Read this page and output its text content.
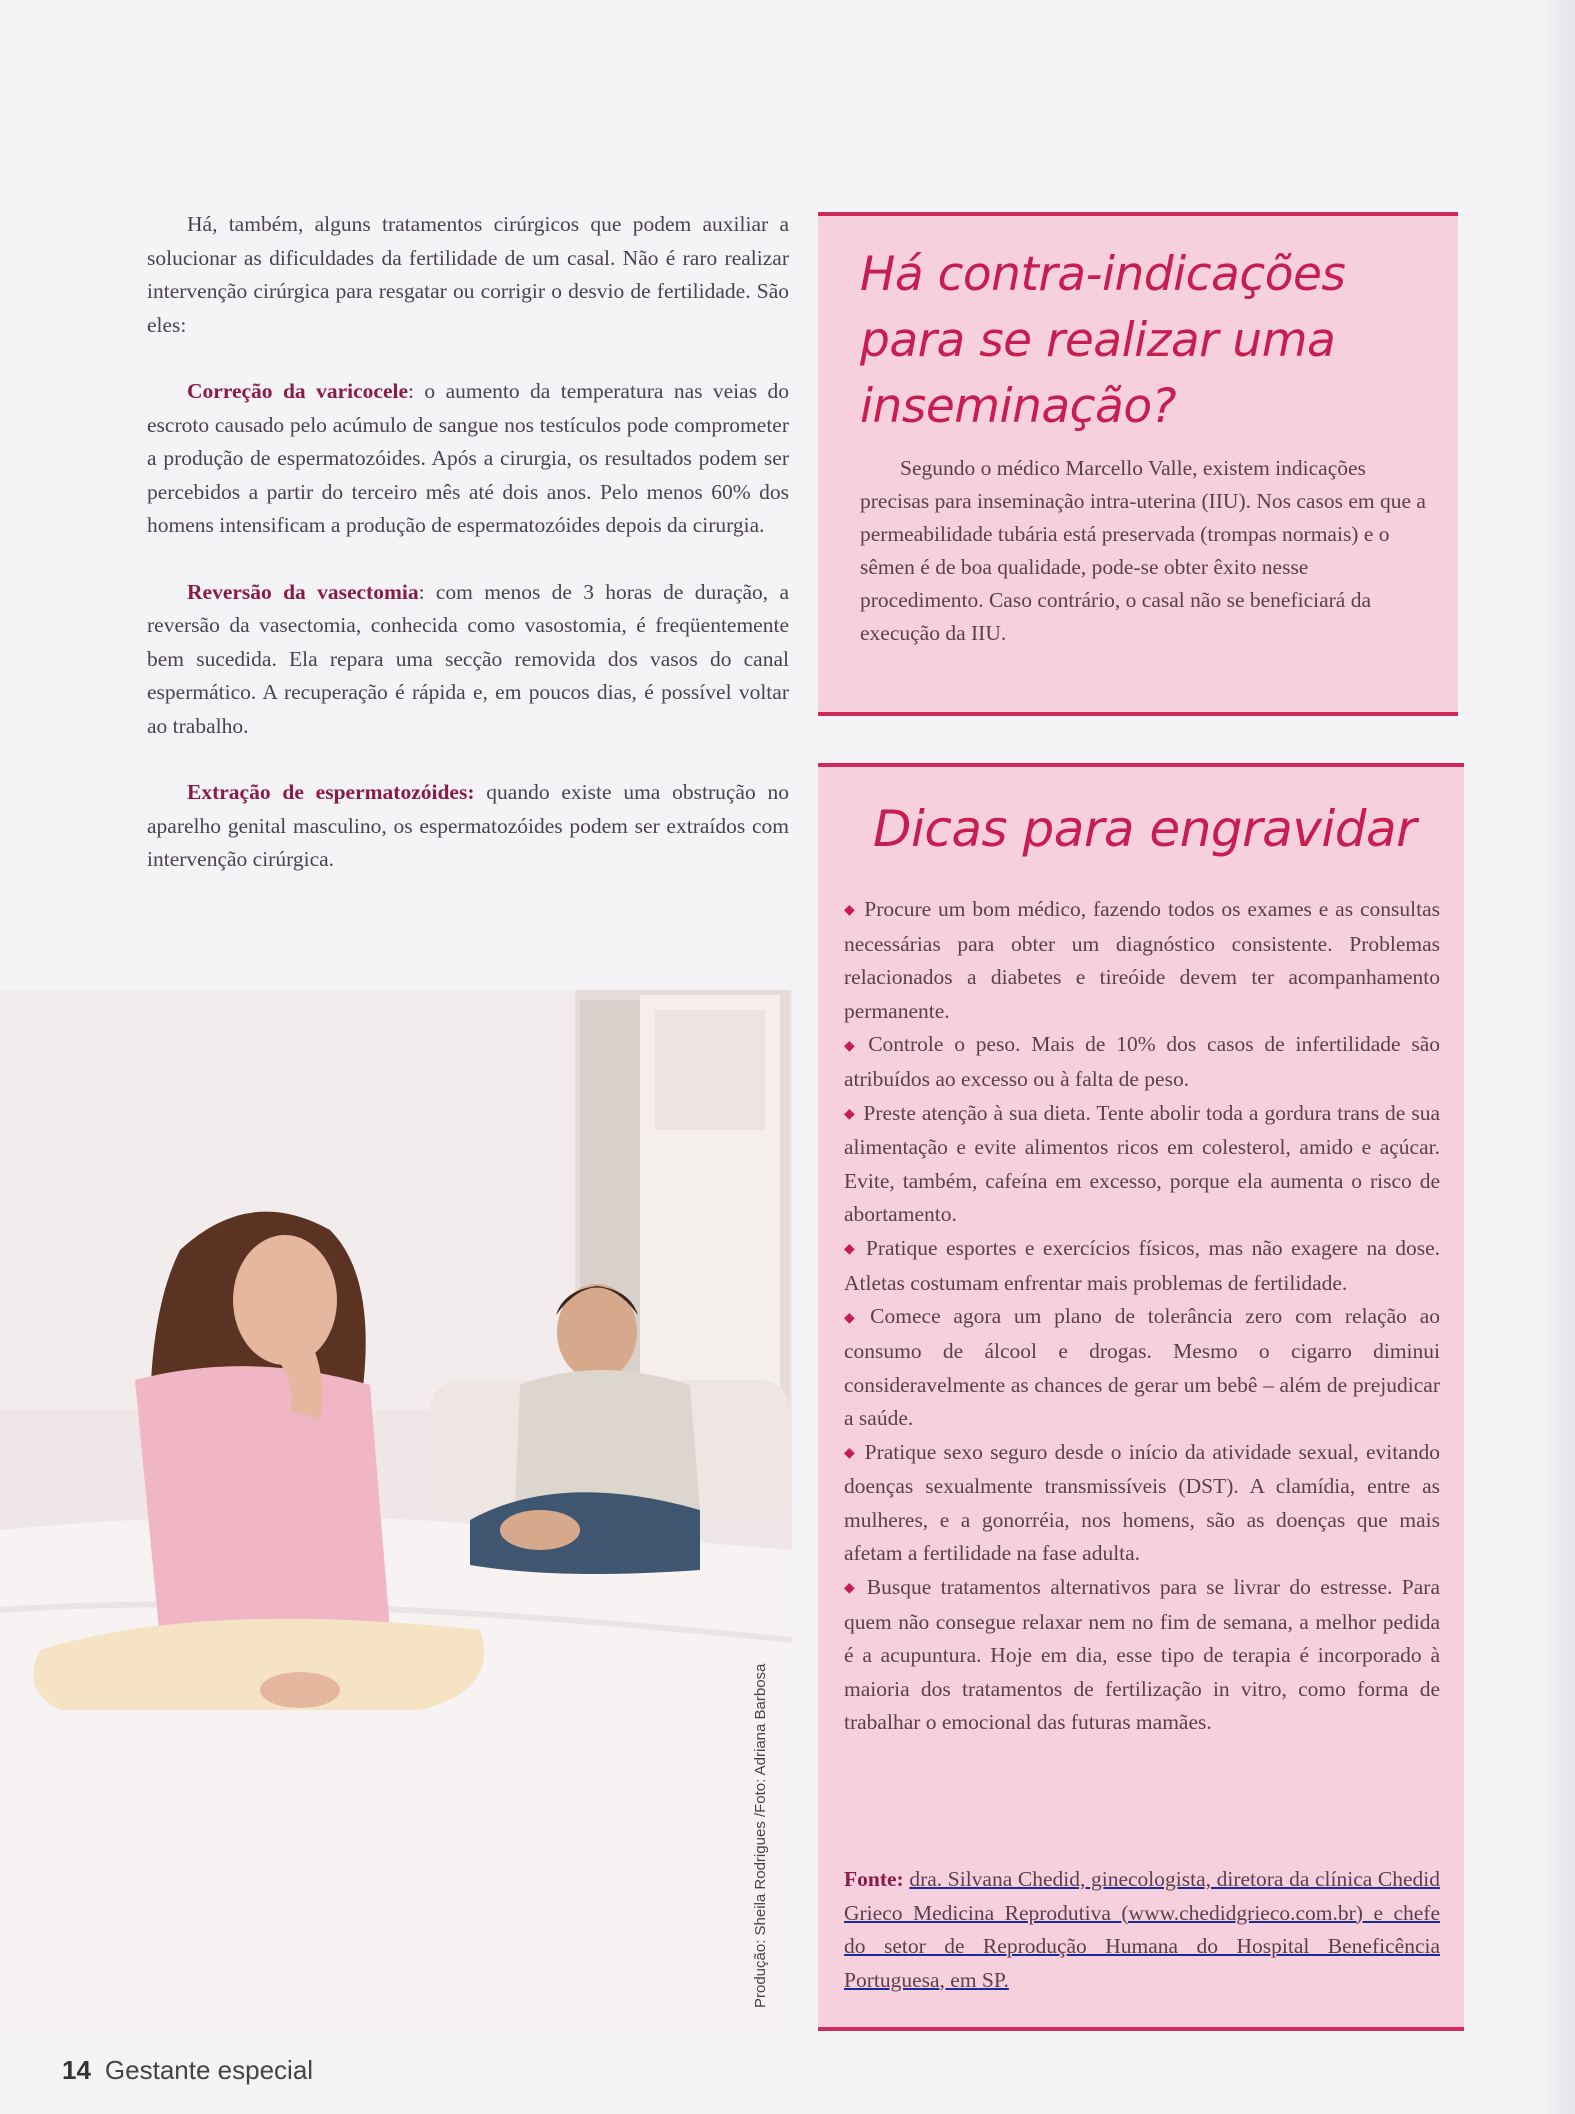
Há, também, alguns tratamentos cirúrgicos que podem auxiliar a solucionar as dificuldades da fertilidade de um casal. Não é raro realizar intervenção cirúrgica para resgatar ou corrigir o desvio de fertilidade. São eles:

Correção da varicocele: o aumento da temperatura nas veias do escroto causado pelo acúmulo de sangue nos testículos pode comprometer a produção de espermatozóides. Após a cirurgia, os resultados podem ser percebidos a partir do terceiro mês até dois anos. Pelo menos 60% dos homens intensificam a produção de espermatozóides depois da cirurgia.

Reversão da vasectomia: com menos de 3 horas de duração, a reversão da vasectomia, conhecida como vasostomia, é freqüentemente bem sucedida. Ela repara uma secção removida dos vasos do canal espermático. A recuperação é rápida e, em poucos dias, é possível voltar ao trabalho.

Extração de espermatozóides: quando existe uma obstrução no aparelho genital masculino, os espermatozóides podem ser extraídos com intervenção cirúrgica.

Produção: Sheila Rodrigues /Foto: Adriana Barbosa
Há contra-indicações para se realizar uma inseminação?

Segundo o médico Marcello Valle, existem indicações precisas para inseminação intra-uterina (IIU). Nos casos em que a permeabilidade tubária está preservada (trompas normais) e o sêmen é de boa qualidade, pode-se obter êxito nesse procedimento. Caso contrário, o casal não se beneficiará da execução da IIU.

Dicas para engravidar
◆ Procure um bom médico, fazendo todos os exames e as consultas necessárias para obter um diagnóstico consistente. Problemas relacionados a diabetes e tireóide devem ter acompanhamento permanente.
◆ Controle o peso. Mais de 10% dos casos de infertilidade são atribuídos ao excesso ou à falta de peso.
◆ Preste atenção à sua dieta. Tente abolir toda a gordura trans de sua alimentação e evite alimentos ricos em colesterol, amido e açúcar. Evite, também, cafeína em excesso, porque ela aumenta o risco de abortamento.
◆ Pratique esportes e exercícios físicos, mas não exagere na dose. Atletas costumam enfrentar mais problemas de fertilidade.
◆ Comece agora um plano de tolerância zero com relação ao consumo de álcool e drogas. Mesmo o cigarro diminui consideravelmente as chances de gerar um bebê – além de prejudicar a saúde.
◆ Pratique sexo seguro desde o início da atividade sexual, evitando doenças sexualmente transmissíveis (DST). A clamídia, entre as mulheres, e a gonorréia, nos homens, são as doenças que mais afetam a fertilidade na fase adulta.
◆ Busque tratamentos alternativos para se livrar do estresse. Para quem não consegue relaxar nem no fim de semana, a melhor pedida é a acupuntura. Hoje em dia, esse tipo de terapia é incorporado à maioria dos tratamentos de fertilização in vitro, como forma de trabalhar o emocional das futuras mamães.
Fonte: dra. Silvana Chedid, ginecologista, diretora da clínica Chedid Grieco Medicina Reprodutiva (www.chedidgrieco.com.br) e chefe do setor de Reprodução Humana do Hospital Beneficência Portuguesa, em SP.
14 Gestante especial
